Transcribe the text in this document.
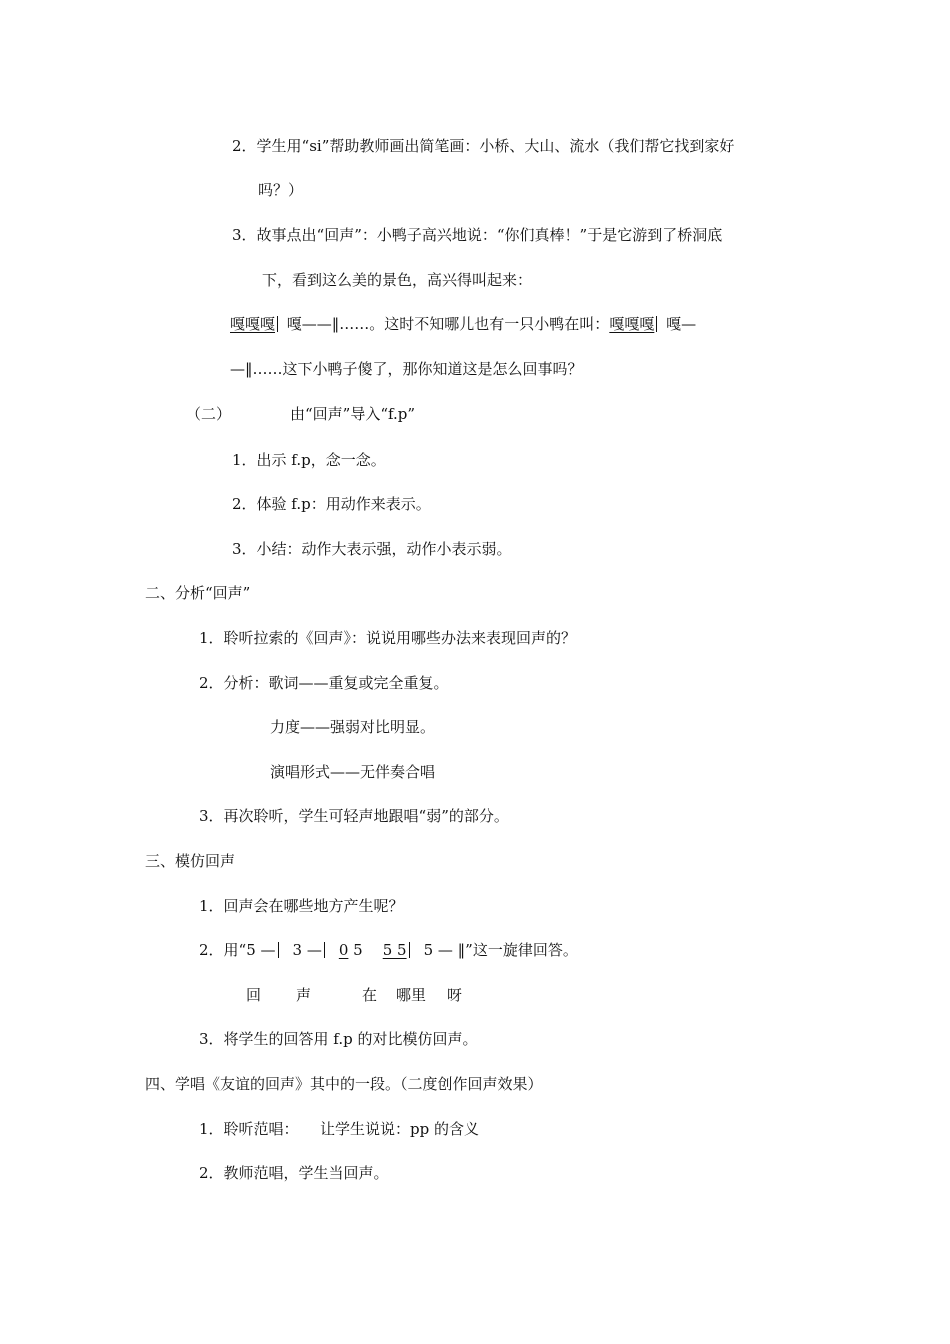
2．学生用“si”帮助教师画出简笔画：小桥、大山、流水（我们帮它找到家好
吗？）
3．故事点出“回声”：小鸭子高兴地说：“你们真棒！”于是它游到了桥洞底
下，看到这么美的景色，高兴得叫起来：
嘎嘎嘎 嘎——‖……。这时不知哪儿也有一只小鸭在叫：嘎嘎嘎 嘎—
—‖……这下小鸭子傻了，那你知道这是怎么回事吗？
（二）	由“回声”导入“f.p”
1．出示 f.p，念一念。
2．体验 f.p：用动作来表示。
3．小结：动作大表示强，动作小表示弱。
二、分析“回声”
1．聆听拉索的《回声》：说说用哪些办法来表现回声的？
2．分析：歌词——重复或完全重复。
力度——强弱对比明显。
演唱形式——无伴奏合唱
3．再次聆听，学生可轻声地跟唱“弱”的部分。
三、模仿回声
1．回声会在哪些地方产生呢？
2．用“5 — 3 — 0 5 5 5 5 — ‖”这一旋律回答。
回 声	在 哪里 呀
3．将学生的回答用 f.p 的对比模仿回声。
四、学唱《友谊的回声》其中的一段。（二度创作回声效果）
1．聆听范唱： 让学生说说：pp 的含义
2．教师范唱，学生当回声。
